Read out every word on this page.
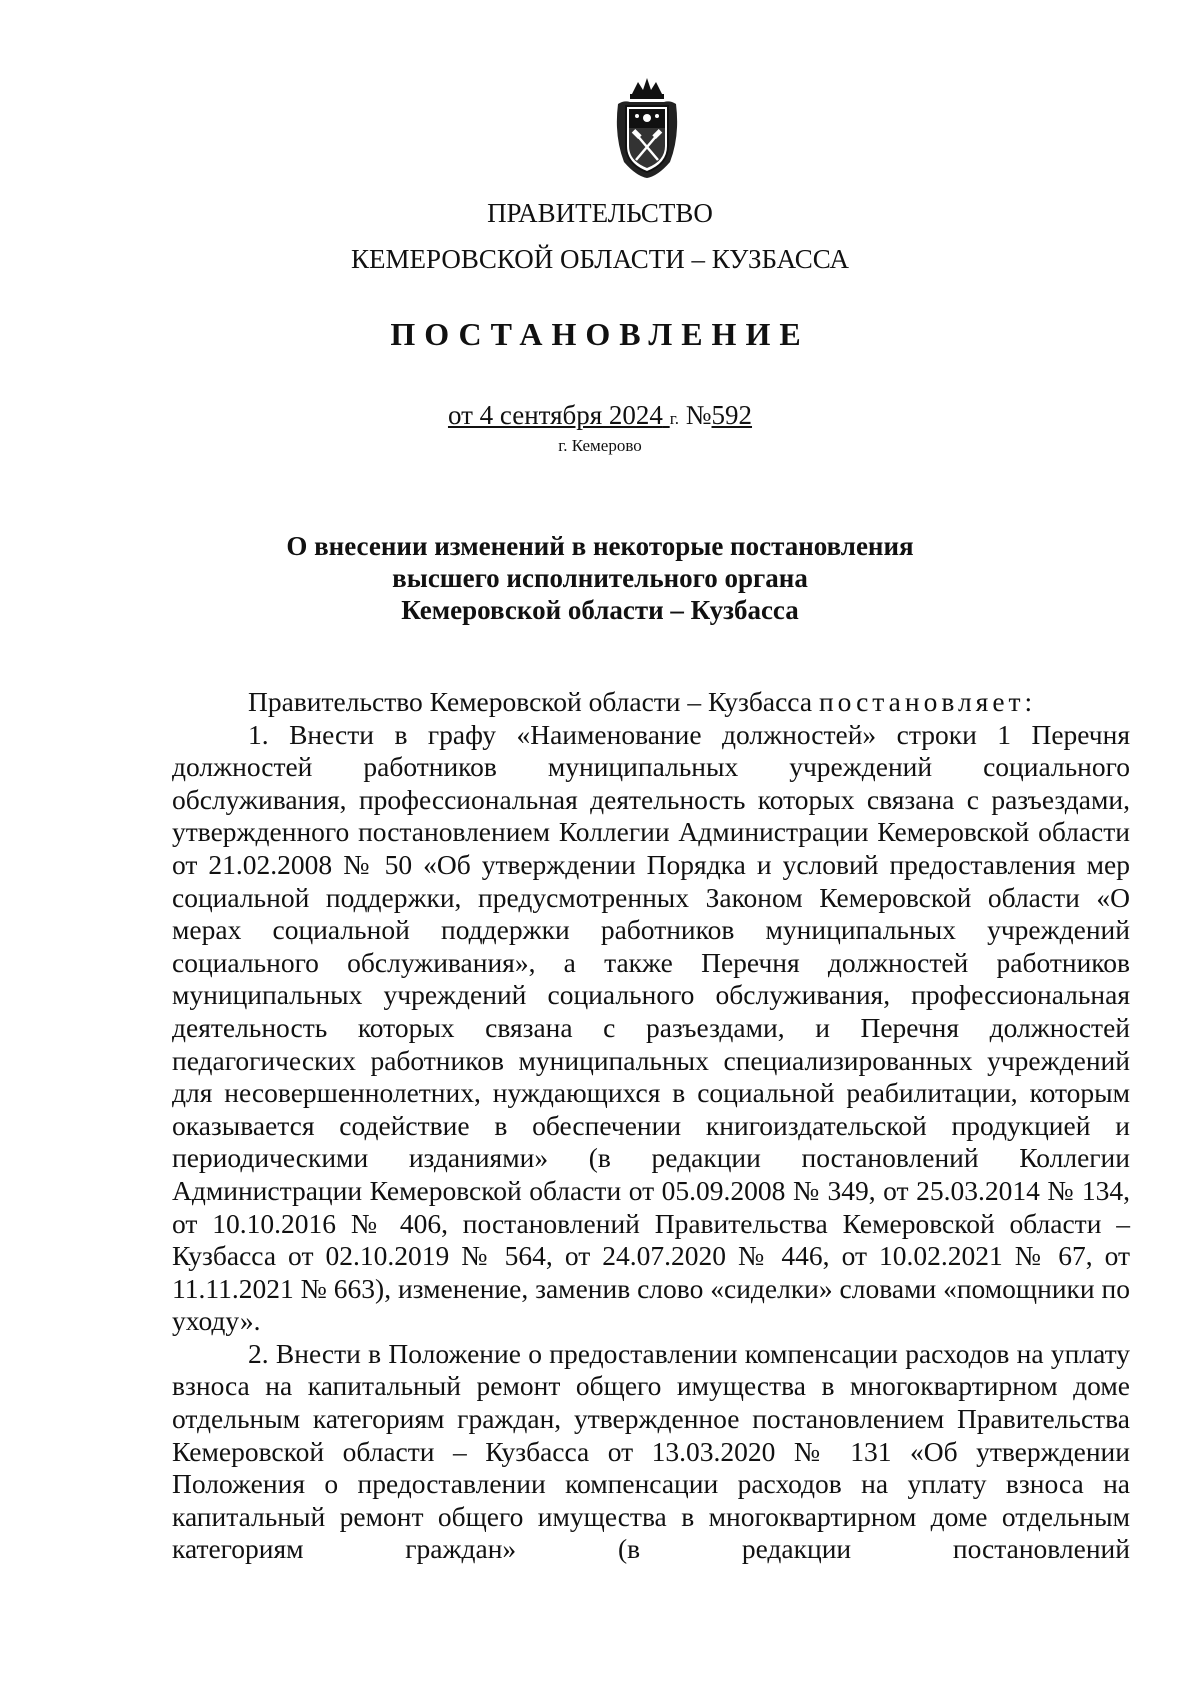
ПРАВИТЕЛЬСТВО
КЕМЕРОВСКОЙ ОБЛАСТИ – КУЗБАССА
ПОСТАНОВЛЕНИЕ
от 4 сентября 2024 г. №592
г. Кемерово
О внесении изменений в некоторые постановления
высшего исполнительного органа
Кемеровской области – Кузбасса
Правительство Кемеровской области – Кузбасса постановляет:

1. Внести в графу «Наименование должностей» строки 1 Перечня должностей работников муниципальных учреждений социального обслуживания, профессиональная деятельность которых связана с разъездами, утвержденного постановлением Коллегии Администрации Кемеровской области от 21.02.2008 № 50 «Об утверждении Порядка и условий предоставления мер социальной поддержки, предусмотренных Законом Кемеровской области «О мерах социальной поддержки работников муниципальных учреждений социального обслуживания», а также Перечня должностей работников муниципальных учреждений социального обслуживания, профессиональная деятельность которых связана с разъездами, и Перечня должностей педагогических работников муниципальных специализированных учреждений для несовершеннолетних, нуждающихся в социальной реабилитации, которым оказывается содействие в обеспечении книгоиздательской продукцией и периодическими изданиями» (в редакции постановлений Коллегии Администрации Кемеровской области от 05.09.2008 № 349, от 25.03.2014 № 134, от 10.10.2016 № 406, постановлений Правительства Кемеровской области – Кузбасса от 02.10.2019 № 564, от 24.07.2020 № 446, от 10.02.2021 № 67, от 11.11.2021 № 663), изменение, заменив слово «сиделки» словами «помощники по уходу».

2. Внести в Положение о предоставлении компенсации расходов на уплату взноса на капитальный ремонт общего имущества в многоквартирном доме отдельным категориям граждан, утвержденное постановлением Правительства Кемеровской области – Кузбасса от 13.03.2020 № 131 «Об утверждении Положения о предоставлении компенсации расходов на уплату взноса на капитальный ремонт общего имущества в многоквартирном доме отдельным категориям граждан» (в редакции постановлений
